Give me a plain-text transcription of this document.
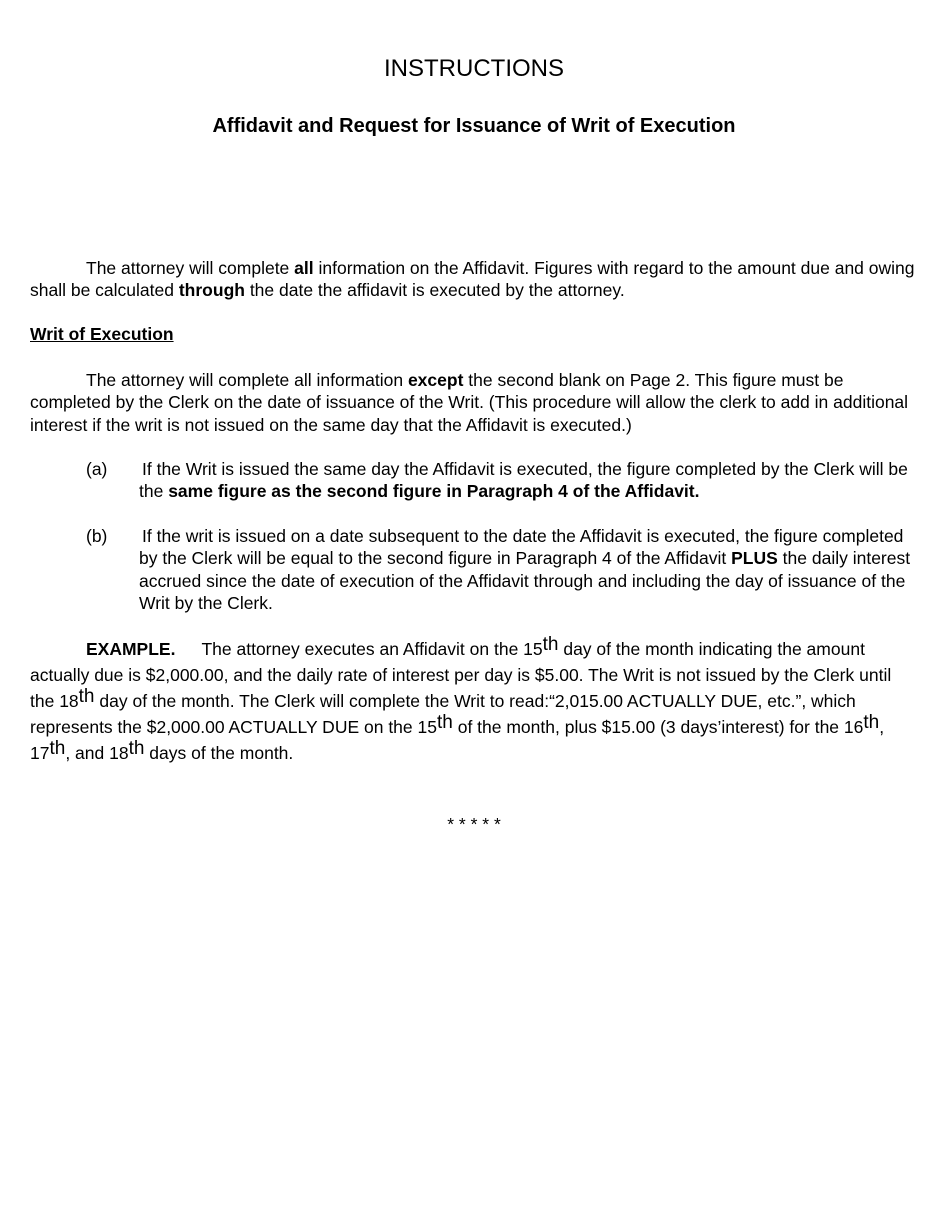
INSTRUCTIONS
Affidavit and Request for Issuance of Writ of Execution

The attorney will complete all information on the Affidavit. Figures with regard to the amount due and owing shall be calculated through the date the affidavit is executed by the attorney.

Writ of Execution

The attorney will complete all information except the second blank on Page 2. This figure must be completed by the Clerk on the date of issuance of the Writ. (This procedure will allow the clerk to add in additional interest if the writ is not issued on the same day that the Affidavit is executed.)

(a) If the Writ is issued the same day the Affidavit is executed, the figure completed by the Clerk will be the same figure as the second figure in Paragraph 4 of the Affidavit.
(b) If the writ is issued on a date subsequent to the date the Affidavit is executed, the figure completed by the Clerk will be equal to the second figure in Paragraph 4 of the Affidavit PLUS the daily interest accrued since the date of execution of the Affidavit through and including the day of issuance of the Writ by the Clerk.

EXAMPLE. The attorney executes an Affidavit on the 15th day of the month indicating the amount actually due is $2,000.00, and the daily rate of interest per day is $5.00. The Writ is not issued by the Clerk until the 18th day of the month. The Clerk will complete the Writ to read:“2,015.00 ACTUALLY DUE, etc.”, which represents the $2,000.00 ACTUALLY DUE on the 15th of the month, plus $15.00 (3 days’interest) for the 16th, 17th, and 18th days of the month.

* * * * *
